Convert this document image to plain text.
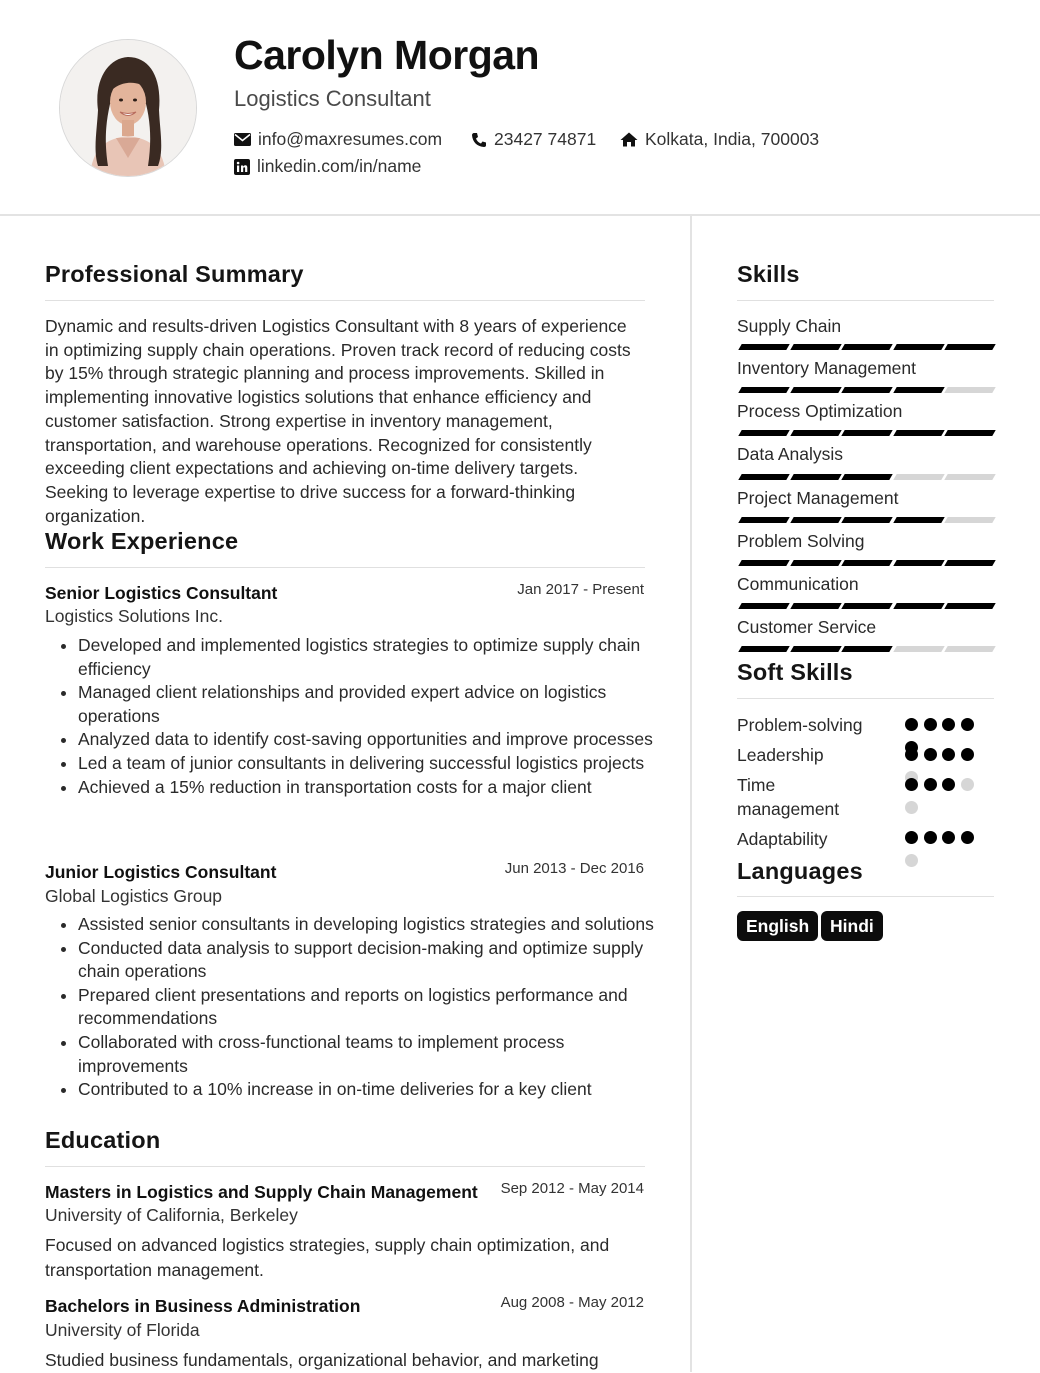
Carolyn Morgan
Logistics Consultant
info@maxresumes.com	23427 74871	Kolkata, India, 700003
linkedin.com/in/name
Professional Summary
Dynamic and results-driven Logistics Consultant with 8 years of experience in optimizing supply chain operations. Proven track record of reducing costs by 15% through strategic planning and process improvements. Skilled in implementing innovative logistics solutions that enhance efficiency and customer satisfaction. Strong expertise in inventory management, transportation, and warehouse operations. Recognized for consistently exceeding client expectations and achieving on-time delivery targets. Seeking to leverage expertise to drive success for a forward-thinking organization.
Work Experience
Senior Logistics Consultant	Jan 2017 - Present
Logistics Solutions Inc.
• Developed and implemented logistics strategies to optimize supply chain efficiency
• Managed client relationships and provided expert advice on logistics operations
• Analyzed data to identify cost-saving opportunities and improve processes
• Led a team of junior consultants in delivering successful logistics projects
• Achieved a 15% reduction in transportation costs for a major client
Junior Logistics Consultant	Jun 2013 - Dec 2016
Global Logistics Group
• Assisted senior consultants in developing logistics strategies and solutions
• Conducted data analysis to support decision-making and optimize supply chain operations
• Prepared client presentations and reports on logistics performance and recommendations
• Collaborated with cross-functional teams to implement process improvements
• Contributed to a 10% increase in on-time deliveries for a key client
Education
Masters in Logistics and Supply Chain Management Sep 2012 - May 2014
University of California, Berkeley
Focused on advanced logistics strategies, supply chain optimization, and transportation management.
Bachelors in Business Administration	Aug 2008 - May 2012
University of Florida
Studied business fundamentals, organizational behavior, and marketing
Skills
Supply Chain
Inventory Management
Process Optimization
Data Analysis
Project Management
Problem Solving
Communication
Customer Service
Soft Skills
Problem-solving
Leadership
Time management
Adaptability
Languages
English	Hindi
